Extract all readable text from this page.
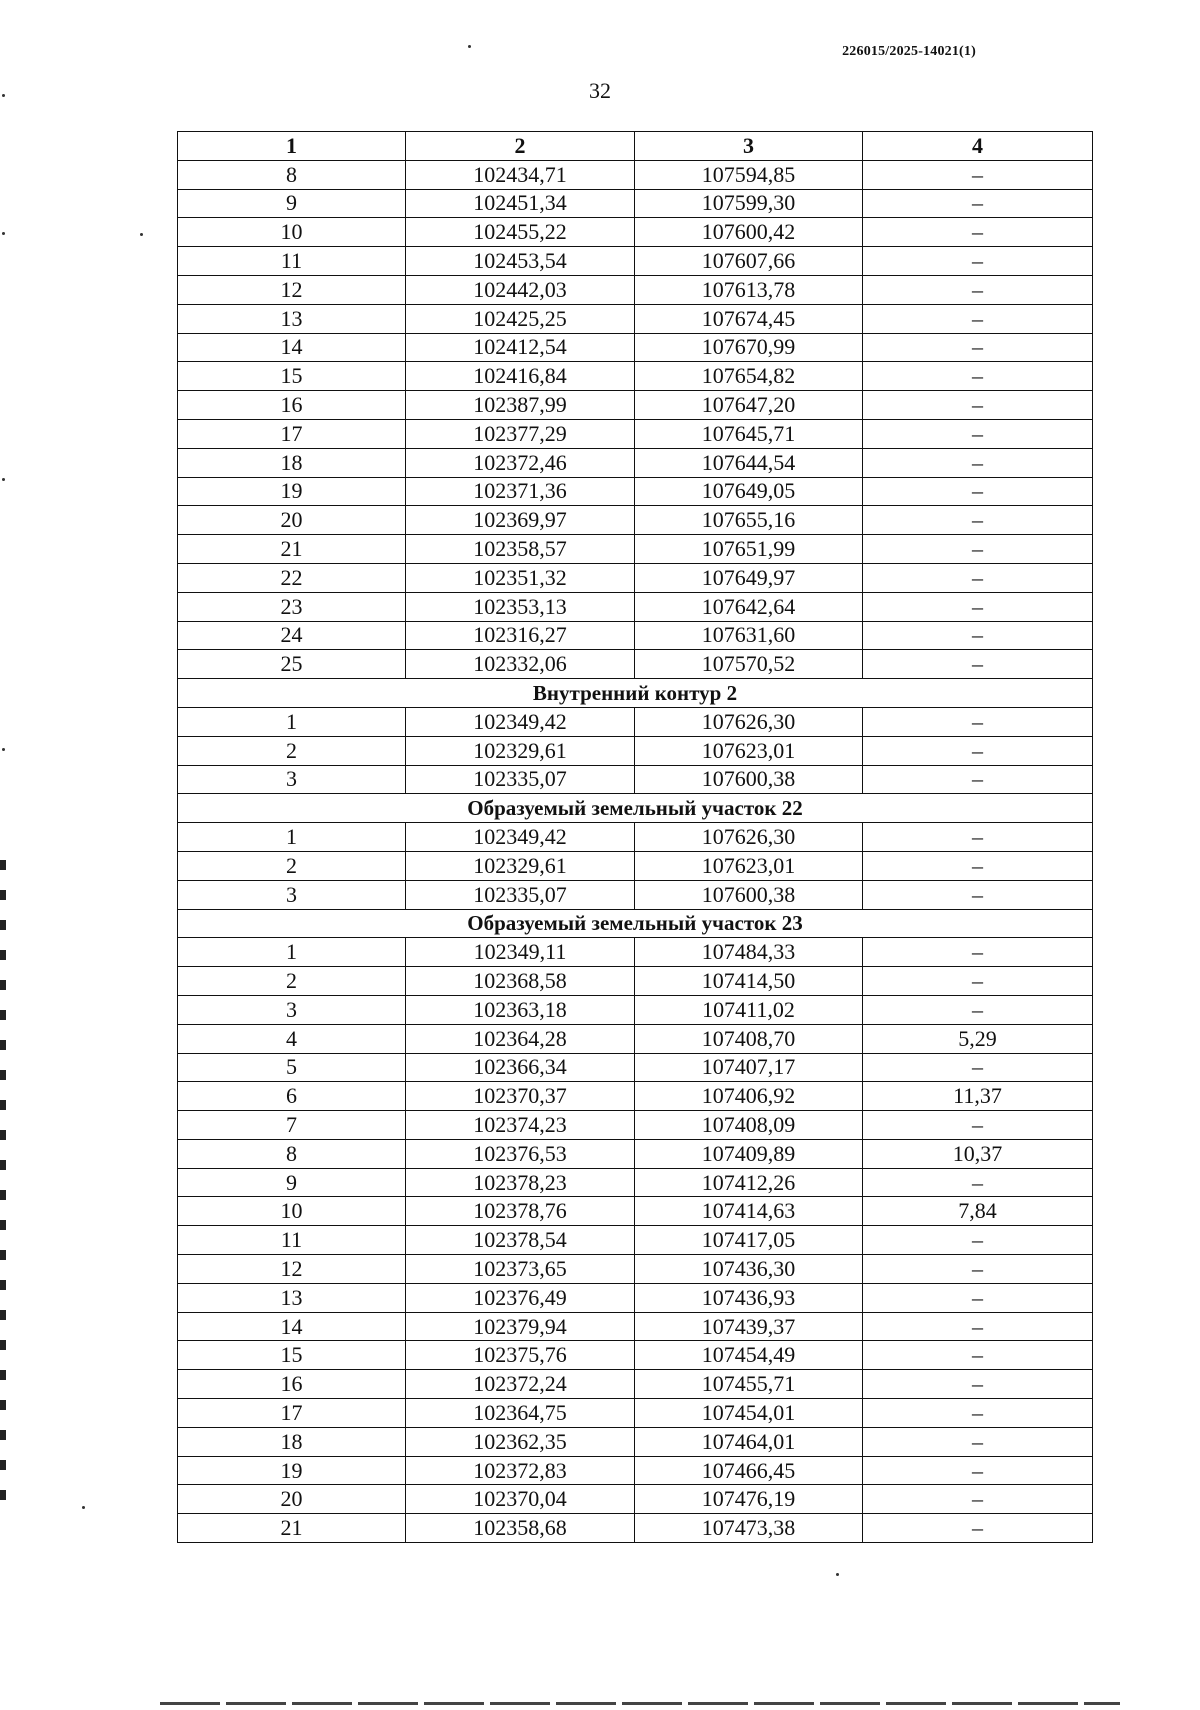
226015/2025-14021(1)
32
1	2	3	4
8	102434,71	107594,85	–
9	102451,34	107599,30	–
10	102455,22	107600,42	–
11	102453,54	107607,66	–
12	102442,03	107613,78	–
13	102425,25	107674,45	–
14	102412,54	107670,99	–
15	102416,84	107654,82	–
16	102387,99	107647,20	–
17	102377,29	107645,71	–
18	102372,46	107644,54	–
19	102371,36	107649,05	–
20	102369,97	107655,16	–
21	102358,57	107651,99	–
22	102351,32	107649,97	–
23	102353,13	107642,64	–
24	102316,27	107631,60	–
25	102332,06	107570,52	–
Внутренний контур 2			
1	102349,42	107626,30	–
2	102329,61	107623,01	–
3	102335,07	107600,38	–
Образуемый земельный участок 22			
1	102349,42	107626,30	–
2	102329,61	107623,01	–
3	102335,07	107600,38	–
Образуемый земельный участок 23			
1	102349,11	107484,33	–
2	102368,58	107414,50	–
3	102363,18	107411,02	–
4	102364,28	107408,70	5,29
5	102366,34	107407,17	–
6	102370,37	107406,92	11,37
7	102374,23	107408,09	–
8	102376,53	107409,89	10,37
9	102378,23	107412,26	–
10	102378,76	107414,63	7,84
11	102378,54	107417,05	–
12	102373,65	107436,30	–
13	102376,49	107436,93	–
14	102379,94	107439,37	–
15	102375,76	107454,49	–
16	102372,24	107455,71	–
17	102364,75	107454,01	–
18	102362,35	107464,01	–
19	102372,83	107466,45	–
20	102370,04	107476,19	–
21	102358,68	107473,38	–
